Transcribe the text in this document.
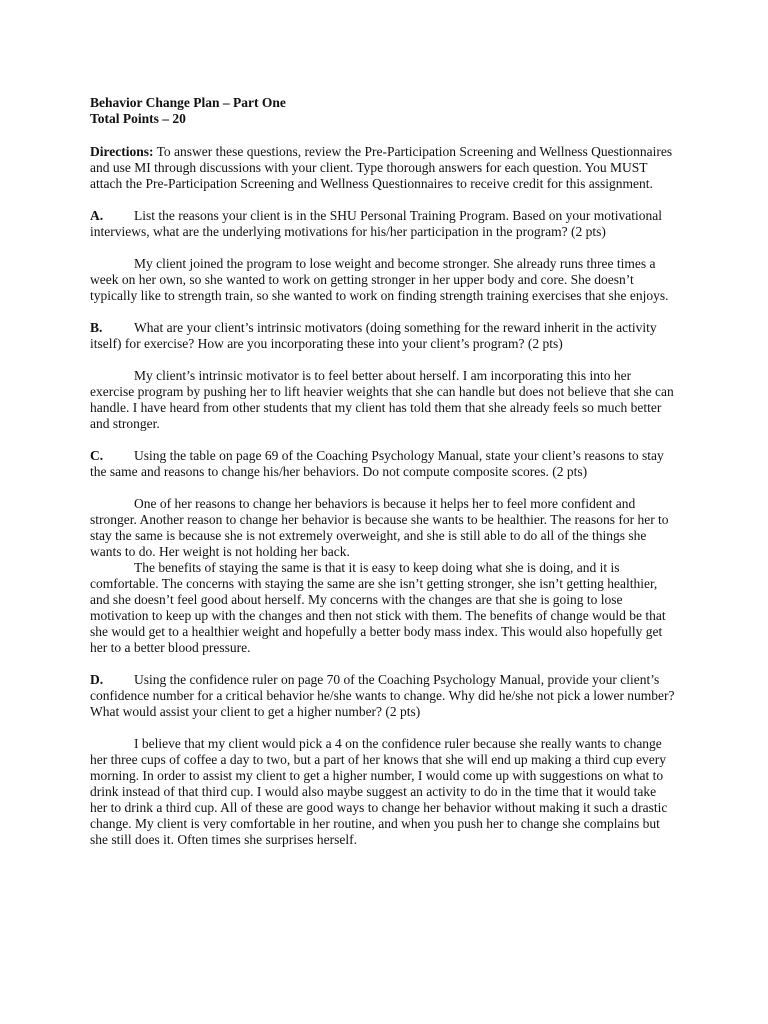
Behavior Change Plan – Part One

Total Points – 20

Directions: To answer these questions, review the Pre-Participation Screening and Wellness Questionnaires and use MI through discussions with your client. Type thorough answers for each question. You MUST attach the Pre-Participation Screening and Wellness Questionnaires to receive credit for this assignment.

A. List the reasons your client is in the SHU Personal Training Program. Based on your motivational interviews, what are the underlying motivations for his/her participation in the program? (2 pts)

My client joined the program to lose weight and become stronger. She already runs three times a week on her own, so she wanted to work on getting stronger in her upper body and core. She doesn’t typically like to strength train, so she wanted to work on finding strength training exercises that she enjoys.

B. What are your client’s intrinsic motivators (doing something for the reward inherit in the activity itself) for exercise? How are you incorporating these into your client’s program? (2 pts)

My client’s intrinsic motivator is to feel better about herself. I am incorporating this into her exercise program by pushing her to lift heavier weights that she can handle but does not believe that she can handle. I have heard from other students that my client has told them that she already feels so much better and stronger.

C. Using the table on page 69 of the Coaching Psychology Manual, state your client’s reasons to stay the same and reasons to change his/her behaviors. Do not compute composite scores. (2 pts)

One of her reasons to change her behaviors is because it helps her to feel more confident and stronger. Another reason to change her behavior is because she wants to be healthier. The reasons for her to stay the same is because she is not extremely overweight, and she is still able to do all of the things she wants to do. Her weight is not holding her back.

The benefits of staying the same is that it is easy to keep doing what she is doing, and it is comfortable. The concerns with staying the same are she isn’t getting stronger, she isn’t getting healthier, and she doesn’t feel good about herself. My concerns with the changes are that she is going to lose motivation to keep up with the changes and then not stick with them. The benefits of change would be that she would get to a healthier weight and hopefully a better body mass index. This would also hopefully get her to a better blood pressure.

D. Using the confidence ruler on page 70 of the Coaching Psychology Manual, provide your client’s confidence number for a critical behavior he/she wants to change. Why did he/she not pick a lower number? What would assist your client to get a higher number? (2 pts)

I believe that my client would pick a 4 on the confidence ruler because she really wants to change her three cups of coffee a day to two, but a part of her knows that she will end up making a third cup every morning. In order to assist my client to get a higher number, I would come up with suggestions on what to drink instead of that third cup. I would also maybe suggest an activity to do in the time that it would take her to drink a third cup. All of these are good ways to change her behavior without making it such a drastic change. My client is very comfortable in her routine, and when you push her to change she complains but she still does it. Often times she surprises herself.
